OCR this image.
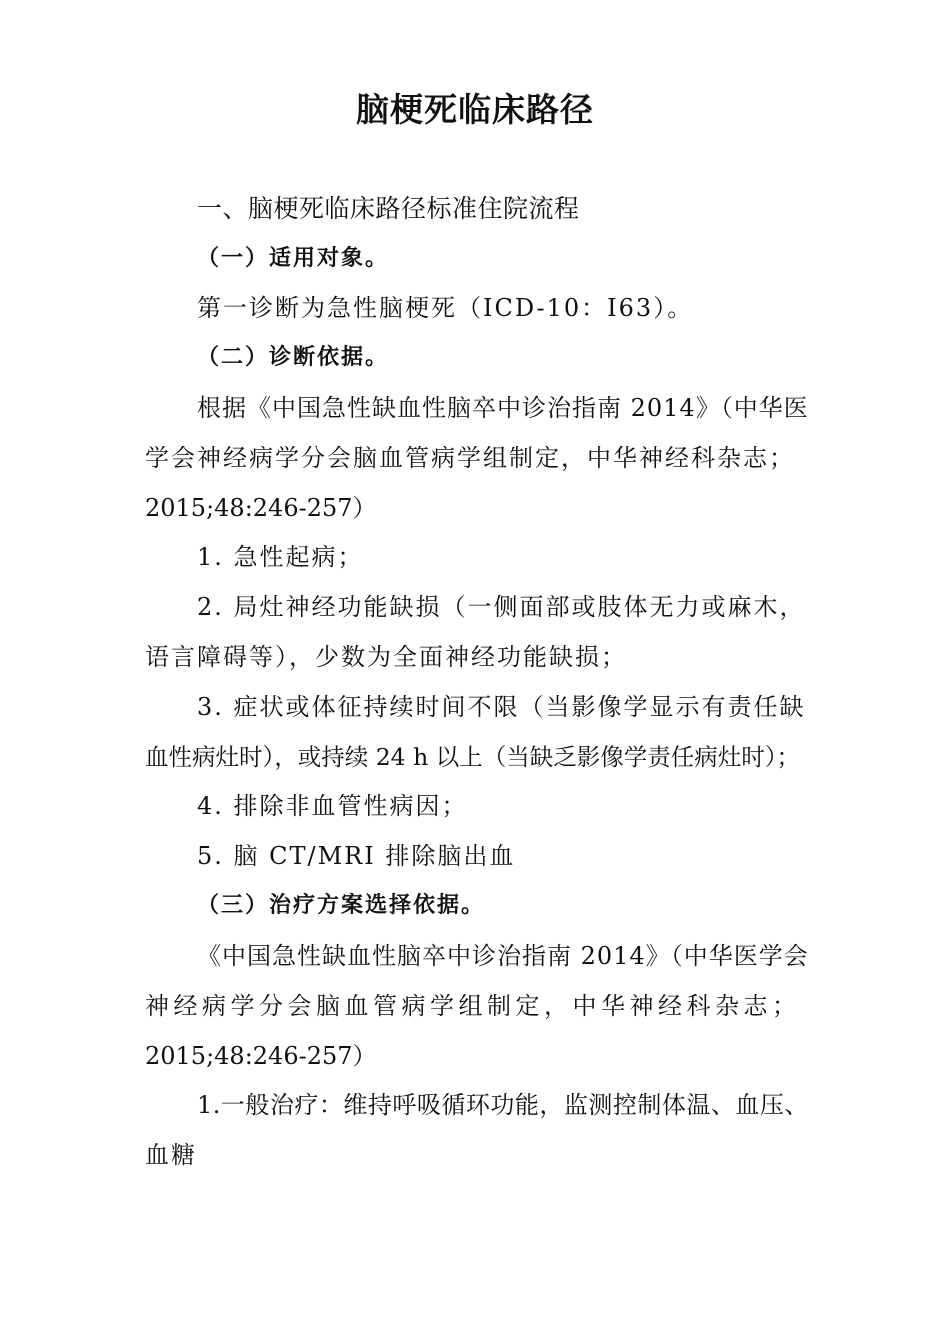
脑梗死临床路径
一、脑梗死临床路径标准住院流程
（一）适用对象。
第一诊断为急性脑梗死（ICD-10：I63）。
（二）诊断依据。
根据《中国急性缺血性脑卒中诊治指南 2014》（中华医
学会神经病学分会脑血管病学组制定，中华神经科杂志；
2015;48:246-257）
1. 急性起病；
2. 局灶神经功能缺损（一侧面部或肢体无力或麻木，
语言障碍等），少数为全面神经功能缺损；
3. 症状或体征持续时间不限（当影像学显示有责任缺
血性病灶时），或持续 24 h 以上（当缺乏影像学责任病灶时）；
4. 排除非血管性病因；
5. 脑 CT/MRI 排除脑出血
（三）治疗方案选择依据。
《中国急性缺血性脑卒中诊治指南 2014》（中华医学会
神经病学分会脑血管病学组制定，中华神经科杂志；
2015;48:246-257）
1.一般治疗：维持呼吸循环功能，监测控制体温、血压、
血糖
